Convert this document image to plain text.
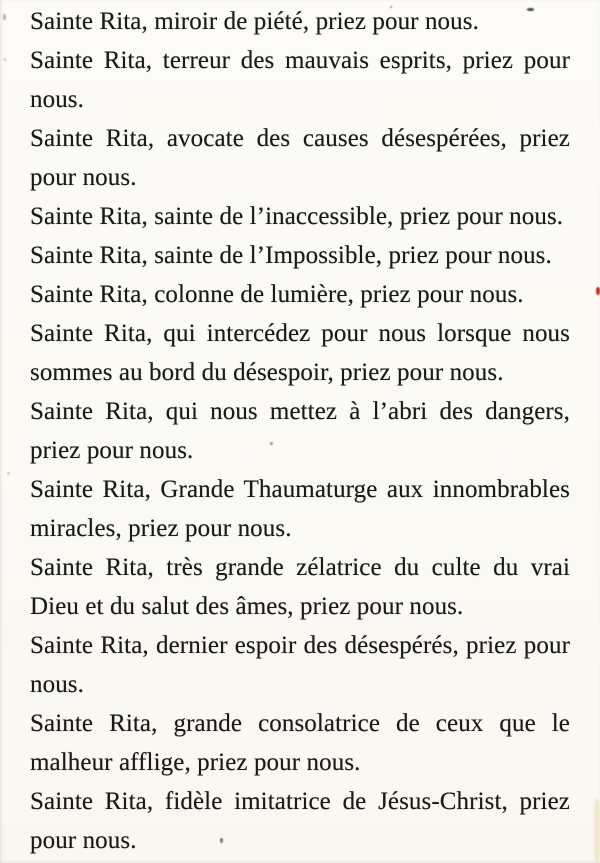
Sainte Rita, miroir de piété, priez pour nous.
Sainte Rita, terreur des mauvais esprits, priez pour
nous.
Sainte Rita, avocate des causes désespérées, priez
pour nous.
Sainte Rita, sainte de l’inaccessible, priez pour nous.
Sainte Rita, sainte de l’Impossible, priez pour nous.
Sainte Rita, colonne de lumière, priez pour nous.
Sainte Rita, qui intercédez pour nous lorsque nous
sommes au bord du désespoir, priez pour nous.
Sainte Rita, qui nous mettez à l’abri des dangers,
priez pour nous.
Sainte Rita, Grande Thaumaturge aux innombrables
miracles, priez pour nous.
Sainte Rita, très grande zélatrice du culte du vrai
Dieu et du salut des âmes, priez pour nous.
Sainte Rita, dernier espoir des désespérés, priez pour
nous.
Sainte Rita, grande consolatrice de ceux que le
malheur afflige, priez pour nous.
Sainte Rita, fidèle imitatrice de Jésus-Christ, priez
pour nous.
